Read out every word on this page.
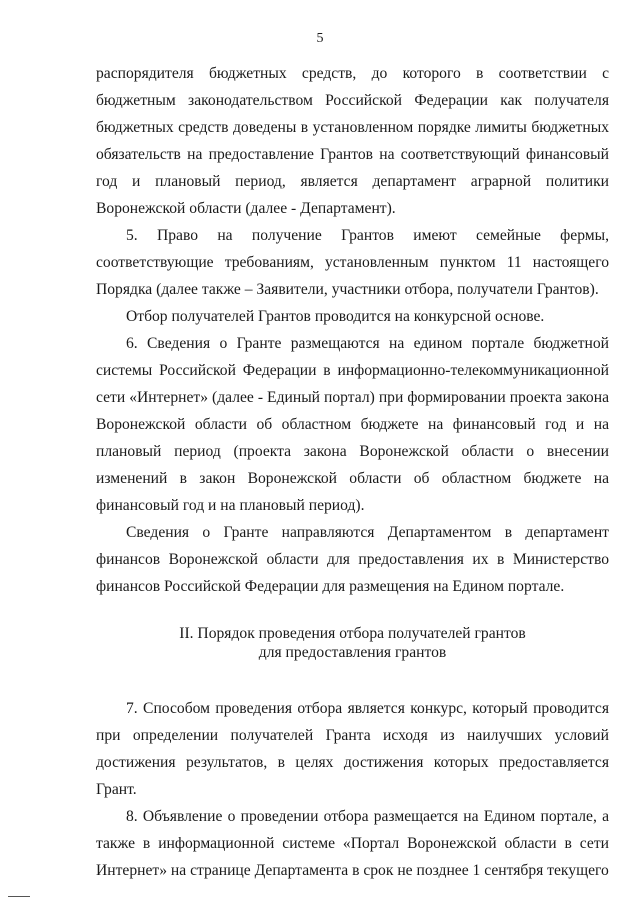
5

распорядителя бюджетных средств, до которого в соответствии с бюджетным законодательством Российской Федерации как получателя бюджетных средств доведены в установленном порядке лимиты бюджетных обязательств на предоставление Грантов на соответствующий финансовый год и плановый период, является департамент аграрной политики Воронежской области (далее - Департамент).

5. Право на получение Грантов имеют семейные фермы, соответствующие требованиям, установленным пунктом 11 настоящего Порядка (далее также – Заявители, участники отбора, получатели Грантов).

Отбор получателей Грантов проводится на конкурсной основе.

6. Сведения о Гранте размещаются на едином портале бюджетной системы Российской Федерации в информационно-телекоммуникационной сети «Интернет» (далее - Единый портал) при формировании проекта закона Воронежской области об областном бюджете на финансовый год и на плановый период (проекта закона Воронежской области о внесении изменений в закон Воронежской области об областном бюджете на финансовый год и на плановый период).

Сведения о Гранте направляются Департаментом в департамент финансов Воронежской области для предоставления их в Министерство финансов Российской Федерации для размещения на Едином портале.

II. Порядок проведения отбора получателей грантов
для предоставления грантов

7. Способом проведения отбора является конкурс, который проводится при определении получателей Гранта исходя из наилучших условий достижения результатов, в целях достижения которых предоставляется Грант.

8. Объявление о проведении отбора размещается на Едином портале, а также в информационной системе «Портал Воронежской области в сети Интернет» на странице Департамента в срок не позднее 1 сентября текущего
